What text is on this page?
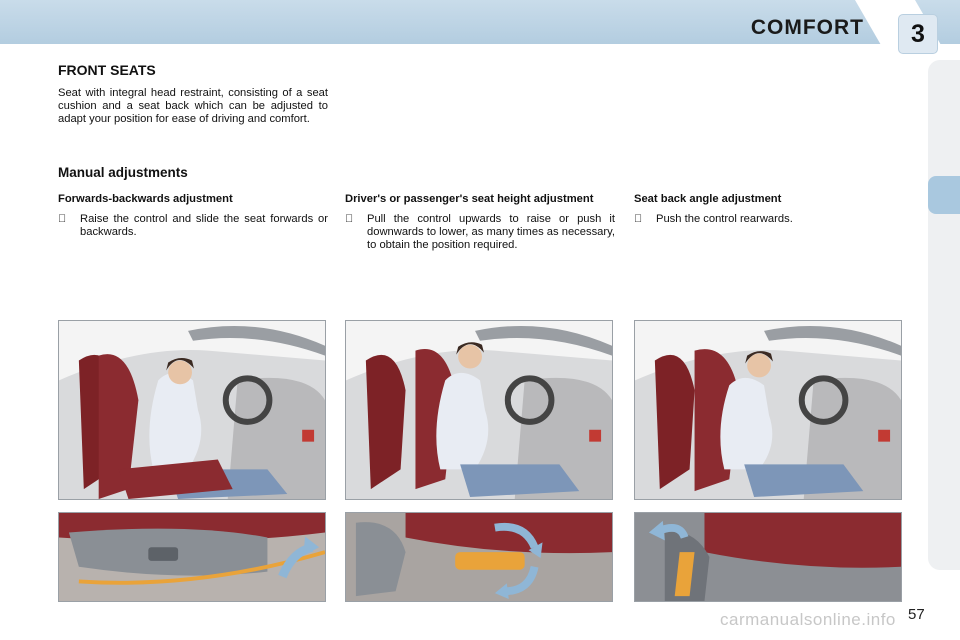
COMFORT	3
FRONT SEATS
Seat with integral head restraint, consisting of a seat cushion and a seat back which can be adjusted to adapt your position for ease of driving and comfort.
Manual adjustments
Forwards-backwards adjustment
Raise the control and slide the seat forwards or backwards.
Driver's or passenger's seat height adjustment
Pull the control upwards to raise or push it downwards to lower, as many times as necessary, to obtain the position required.
Seat back angle adjustment
Push the control rearwards.
carmanualsonline.info 57
